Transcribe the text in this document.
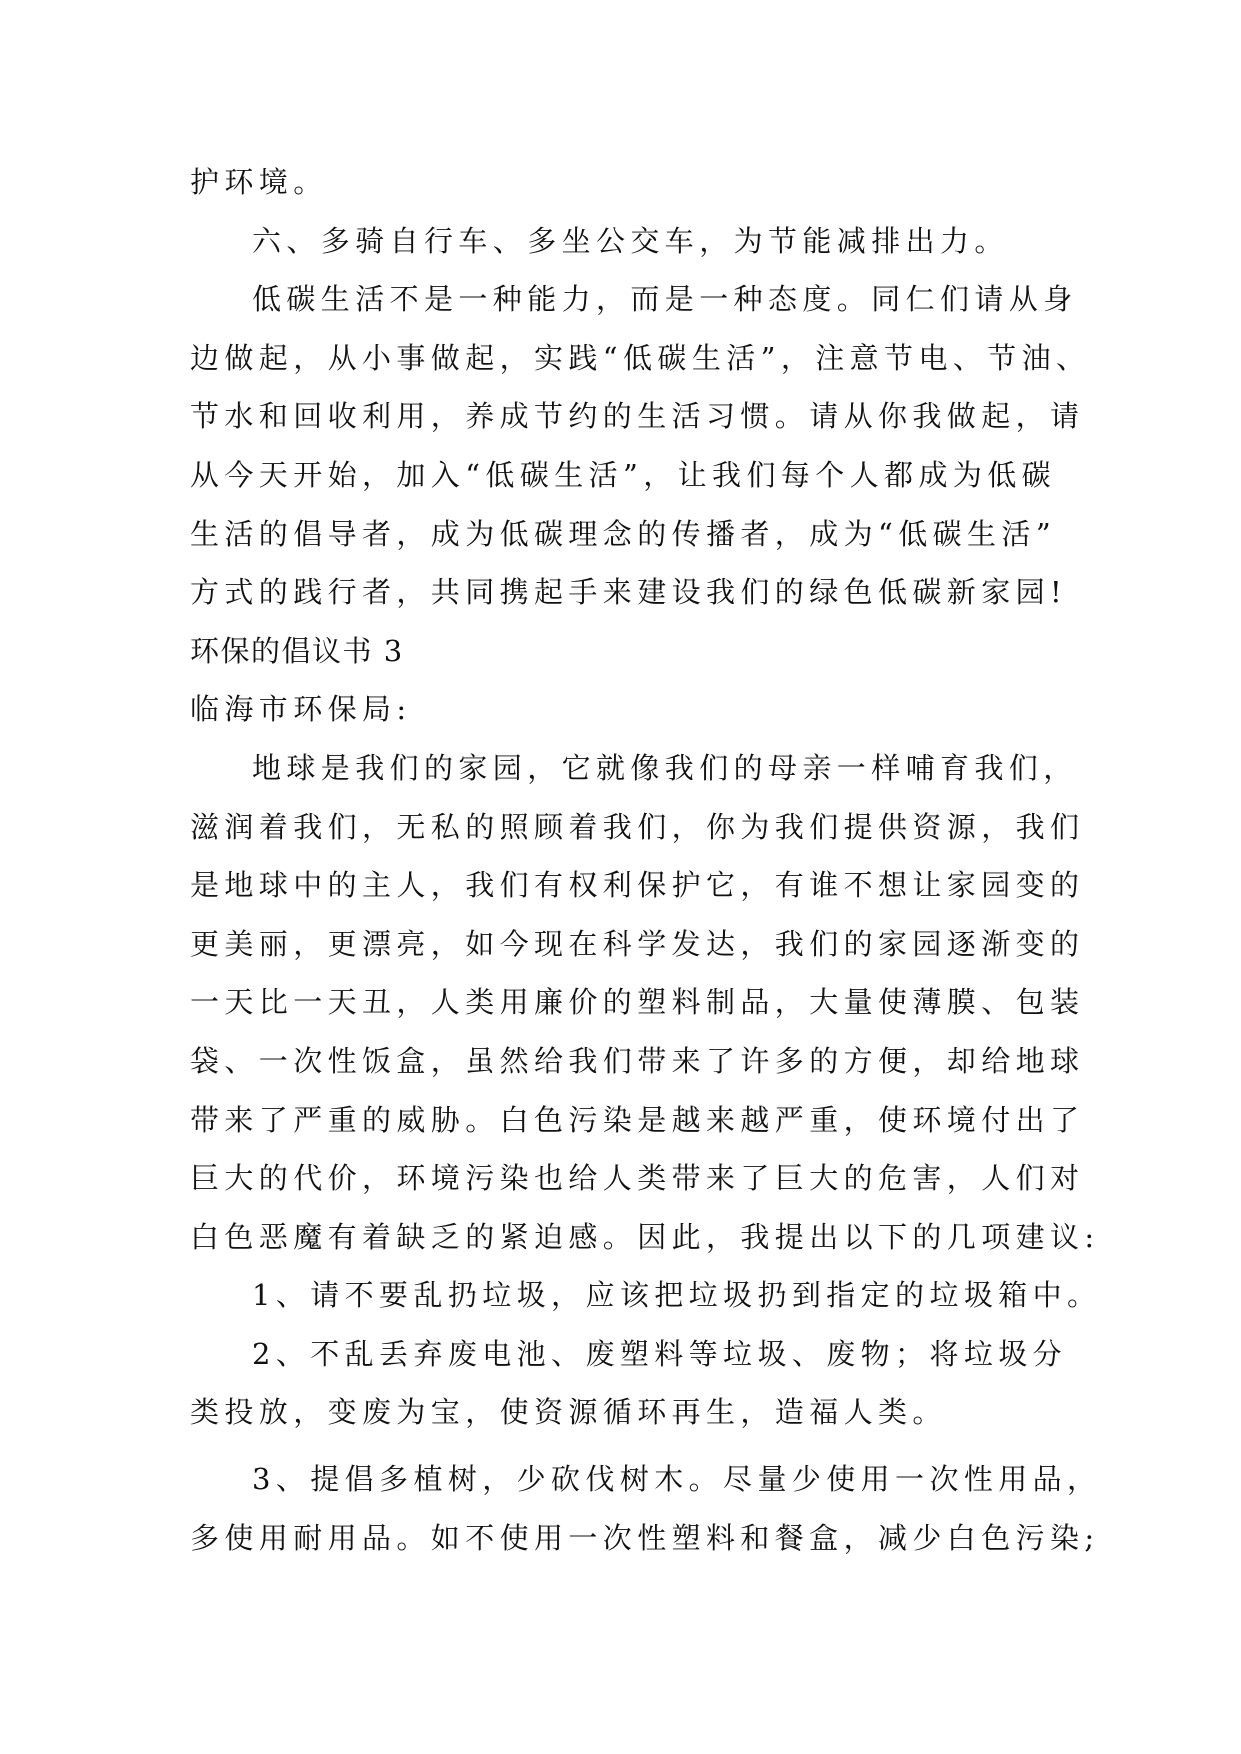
护环境。
六、多骑自行车、多坐公交车，为节能减排出力。
低碳生活不是一种能力，而是一种态度。同仁们请从身
边做起，从小事做起，实践“低碳生活”，注意节电、节油、
节水和回收利用，养成节约的生活习惯。请从你我做起，请
从今天开始，加入“低碳生活”，让我们每个人都成为低碳
生活的倡导者，成为低碳理念的传播者，成为“低碳生活”
方式的践行者，共同携起手来建设我们的绿色低碳新家园!
环保的倡议书 3
临海市环保局:
地球是我们的家园，它就像我们的母亲一样哺育我们，
滋润着我们，无私的照顾着我们，你为我们提供资源，我们
是地球中的主人，我们有权利保护它，有谁不想让家园变的
更美丽，更漂亮，如今现在科学发达，我们的家园逐渐变的
一天比一天丑，人类用廉价的塑料制品，大量使薄膜、包装
袋、一次性饭盒，虽然给我们带来了许多的方便，却给地球
带来了严重的威胁。白色污染是越来越严重，使环境付出了
巨大的代价，环境污染也给人类带来了巨大的危害，人们对
白色恶魔有着缺乏的紧迫感。因此，我提出以下的几项建议:
1、请不要乱扔垃圾，应该把垃圾扔到指定的垃圾箱中。
2、不乱丢弃废电池、废塑料等垃圾、废物；将垃圾分
类投放，变废为宝，使资源循环再生，造福人类。
3、提倡多植树，少砍伐树木。尽量少使用一次性用品，
多使用耐用品。如不使用一次性塑料和餐盒，减少白色污染;
